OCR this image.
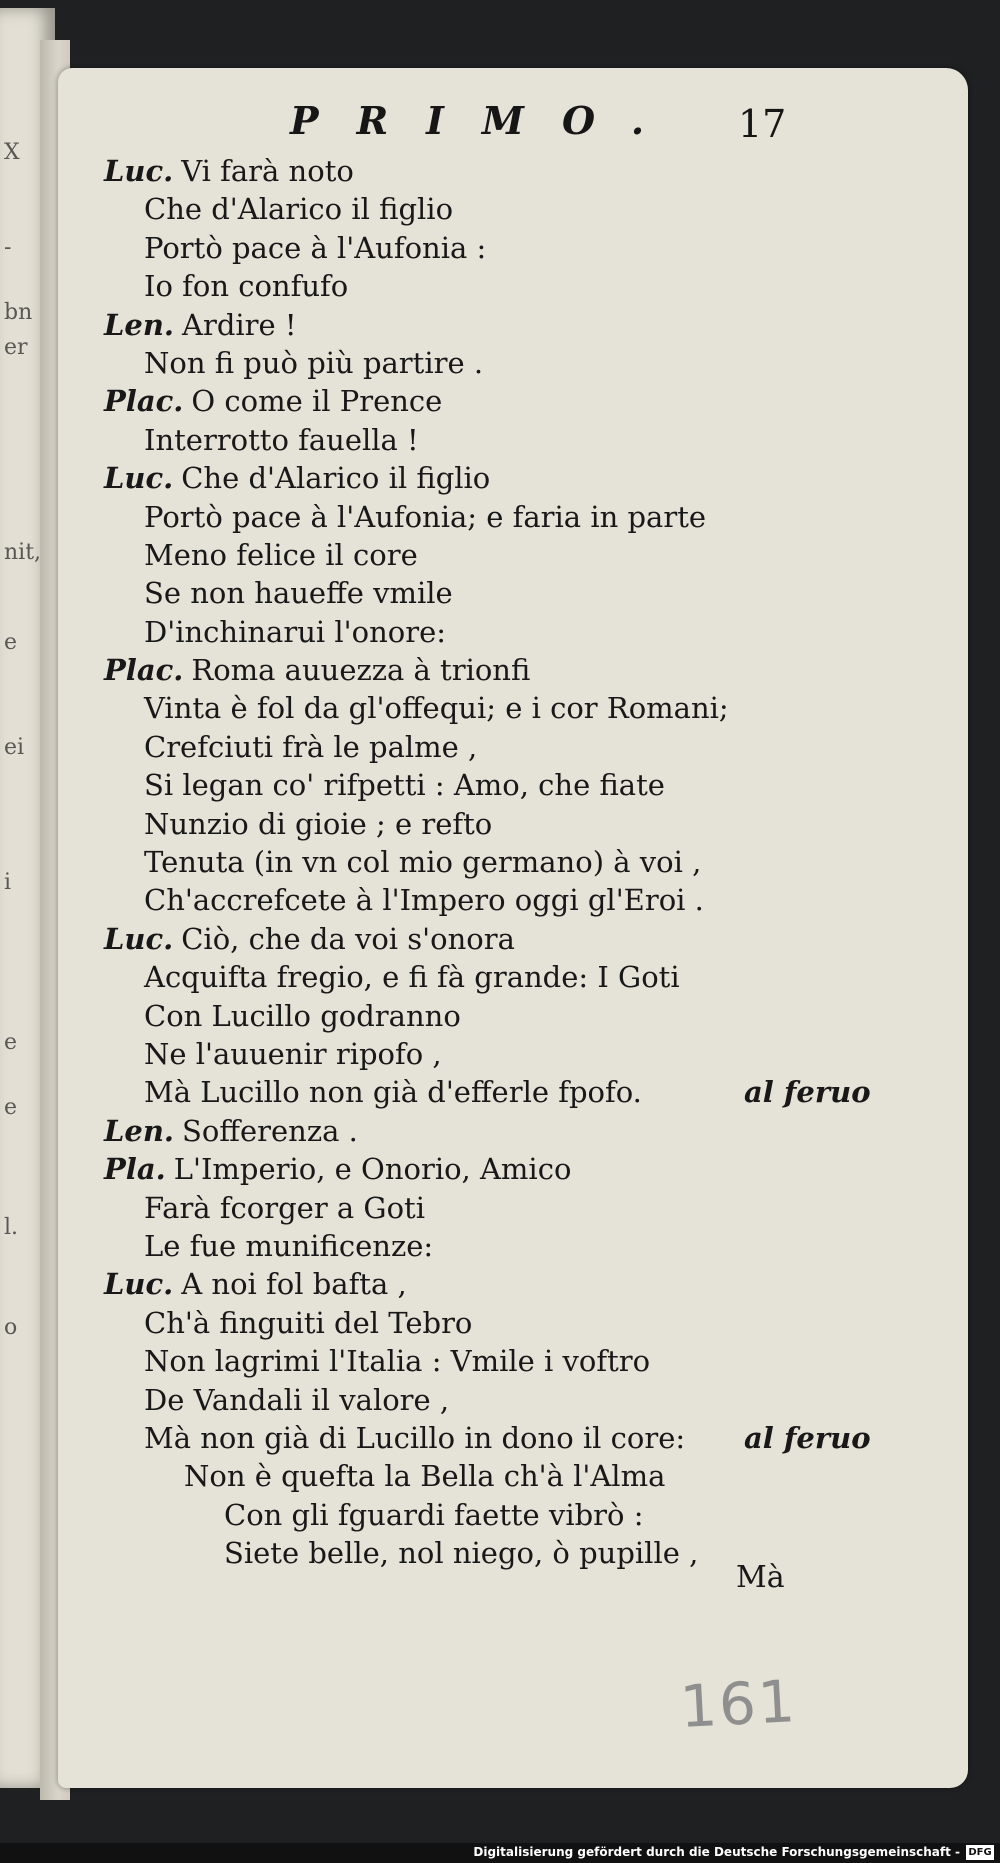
X
-
bn
er
nit,
e
ei
i
e
e
l.
o
PRIMO. 17
Luc. Vi farà noto
Che d'Alarico il figlio
Portò pace à l'Aufonia :
Io fon confufo
Len. Ardire !
Non fi può più partire .
Plac. O come il Prence
Interrotto fauella !
Luc. Che d'Alarico il figlio
Portò pace à l'Aufonia; e faria in parte
Meno felice il core
Se non haueffe vmile
D'inchinarui l'onore:
Plac. Roma auuezza à trionfi
Vinta è fol da gl'offequi; e i cor Romani;
Crefciuti frà le palme ,
Si legan co' rifpetti : Amo, che fiate
Nunzio di gioie ; e refto
Tenuta (in vn col mio germano) à voi ,
Ch'accrefcete à l'Impero oggi gl'Eroi .
Luc. Ciò, che da voi s'onora
Acquifta fregio, e fi fà grande: I Goti
Con Lucillo godranno
Ne l'auuenir ripofo ,
Mà Lucillo non già d'efferle fpofo.	al feruo
Len. Sofferenza .
Pla. L'Imperio, e Onorio, Amico
Farà fcorger a Goti
Le fue munificenze:
Luc. A noi fol bafta ,
Ch'à finguiti del Tebro
Non lagrimi l'Italia : Vmile i voftro
De Vandali il valore ,
Mà non già di Lucillo in dono il core: al feruo
Non è quefta la Bella ch'à l'Alma
Con gli fguardi faette vibrò :
Siete belle, nol niego, ò pupille ,
Mà
161
Digitalisierung gefördert durch die Deutsche Forschungsgemeinschaft - DFG
